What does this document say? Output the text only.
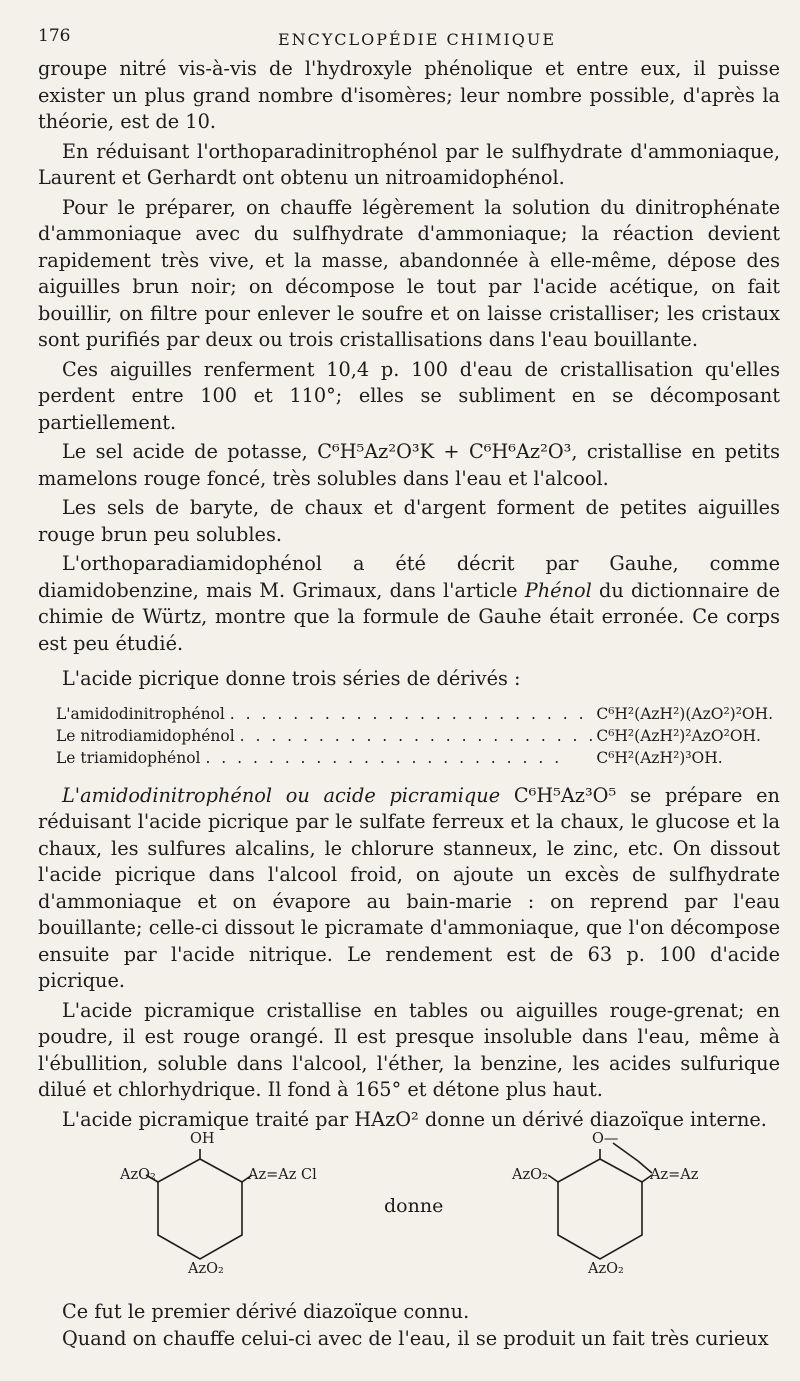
176	ENCYCLOPÉDIE CHIMIQUE

groupe nitré vis-à-vis de l'hydroxyle phénolique et entre eux, il puisse exister un plus grand nombre d'isomères; leur nombre possible, d'après la théorie, est de 10.

En réduisant l'orthoparadinitrophénol par le sulfhydrate d'ammoniaque, Laurent et Gerhardt ont obtenu un nitroamidophénol.

Pour le préparer, on chauffe légèrement la solution du dinitrophénate d'ammoniaque avec du sulfhydrate d'ammoniaque; la réaction devient rapidement très vive, et la masse, abandonnée à elle-même, dépose des aiguilles brun noir; on décompose le tout par l'acide acétique, on fait bouillir, on filtre pour enlever le soufre et on laisse cristalliser; les cristaux sont purifiés par deux ou trois cristallisations dans l'eau bouillante.

Ces aiguilles renferment 10,4 p. 100 d'eau de cristallisation qu'elles perdent entre 100 et 110°; elles se subliment en se décomposant partiellement.

Le sel acide de potasse, C⁶H⁵Az²O³K + C⁶H⁶Az²O³, cristallise en petits mamelons rouge foncé, très solubles dans l'eau et l'alcool.

Les sels de baryte, de chaux et d'argent forment de petites aiguilles rouge brun peu solubles.

L'orthoparadiamidophénol a été décrit par Gauhe, comme diamidobenzine, mais M. Grimaux, dans l'article Phénol du dictionnaire de chimie de Würtz, montre que la formule de Gauhe était erronée. Ce corps est peu étudié.

L'acide picrique donne trois séries de dérivés :

L'amidodinitrophénol . . . . . . . . . . . . . . . . . . . . . . .	C⁶H²(AzH²)(AzO²)²OH.
Le nitrodiamidophénol . . . . . . . . . . . . . . . . . . . . . . .	C⁶H²(AzH²)²AzO²OH.
Le triamidophénol . . . . . . . . . . . . . . . . . . . . . . .	C⁶H²(AzH²)³OH.

L'amidodinitrophénol ou acide picramique C⁶H⁵Az³O⁵ se prépare en réduisant l'acide picrique par le sulfate ferreux et la chaux, le glucose et la chaux, les sulfures alcalins, le chlorure stanneux, le zinc, etc. On dissout l'acide picrique dans l'alcool froid, on ajoute un excès de sulfhydrate d'ammoniaque et on évapore au bain-marie : on reprend par l'eau bouillante; celle-ci dissout le picramate d'ammoniaque, que l'on décompose ensuite par l'acide nitrique. Le rendement est de 63 p. 100 d'acide picrique.

L'acide picramique cristallise en tables ou aiguilles rouge-grenat; en poudre, il est rouge orangé. Il est presque insoluble dans l'eau, même à l'ébullition, soluble dans l'alcool, l'éther, la benzine, les acides sulfurique dilué et chlorhydrique. Il fond à 165° et détone plus haut.

L'acide picramique traité par HAzO² donne un dérivé diazoïque interne.

OH
AzO₂	Az=Az Cl
AzO₂
donne
O—
AzO₂	Az=Az
AzO₂

Ce fut le premier dérivé diazoïque connu.

Quand on chauffe celui-ci avec de l'eau, il se produit un fait très curieux
